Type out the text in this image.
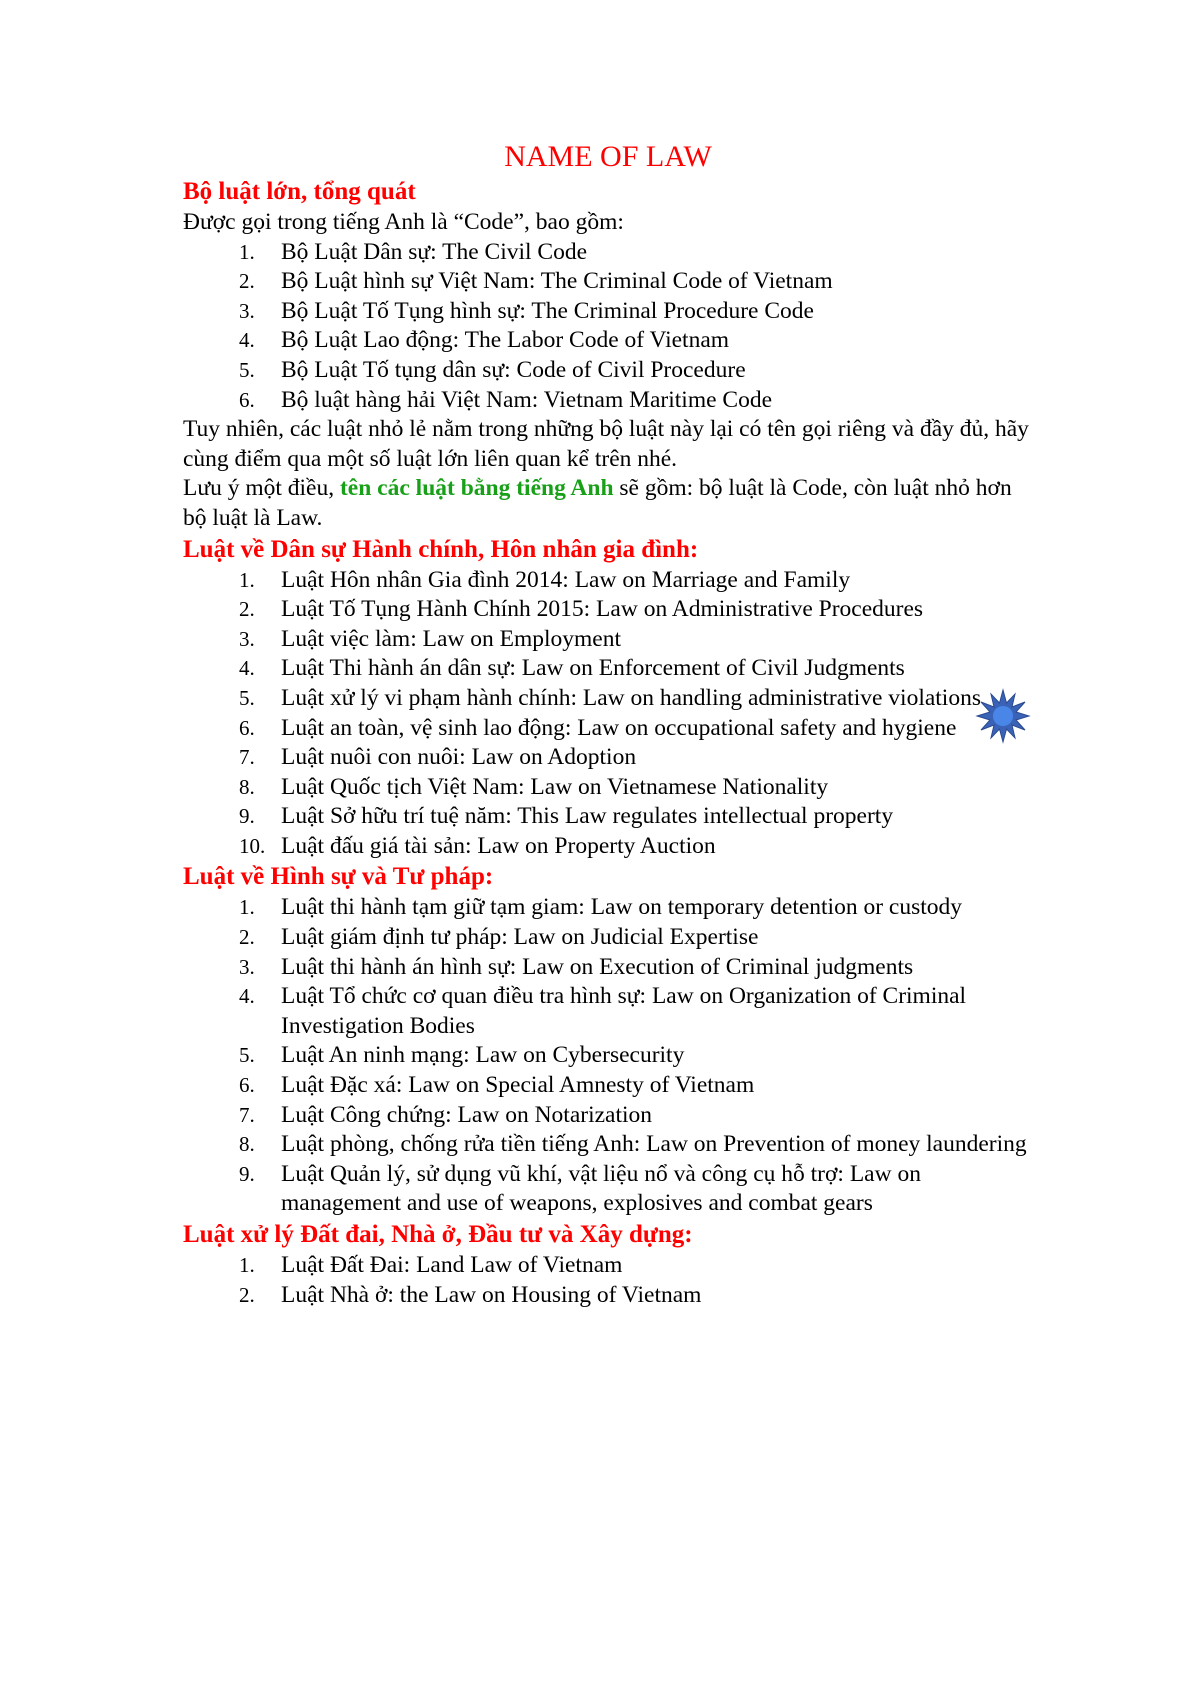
NAME OF LAW
Bộ luật lớn, tổng quát

Được gọi trong tiếng Anh là “Code”, bao gồm:

1.	Bộ Luật Dân sự: The Civil Code
2.	Bộ Luật hình sự Việt Nam: The Criminal Code of Vietnam
3.	Bộ Luật Tố Tụng hình sự: The Criminal Procedure Code
4.	Bộ Luật Lao động: The Labor Code of Vietnam
5.	Bộ Luật Tố tụng dân sự: Code of Civil Procedure
6.	Bộ luật hàng hải Việt Nam: Vietnam Maritime Code

Tuy nhiên, các luật nhỏ lẻ nằm trong những bộ luật này lại có tên gọi riêng và đầy đủ, hãy cùng điểm qua một số luật lớn liên quan kể trên nhé.

Lưu ý một điều, tên các luật bằng tiếng Anh sẽ gồm: bộ luật là Code, còn luật nhỏ hơn bộ luật là Law.

Luật về Dân sự Hành chính, Hôn nhân gia đình:
1.	Luật Hôn nhân Gia đình 2014: Law on Marriage and Family
2.	Luật Tố Tụng Hành Chính 2015: Law on Administrative Procedures
3.	Luật việc làm: Law on Employment
4.	Luật Thi hành án dân sự: Law on Enforcement of Civil Judgments
5.	Luật xử lý vi phạm hành chính: Law on handling administrative violations
6.	Luật an toàn, vệ sinh lao động: Law on occupational safety and hygiene
7.	Luật nuôi con nuôi: Law on Adoption
8.	Luật Quốc tịch Việt Nam: Law on Vietnamese Nationality
9.	Luật Sở hữu trí tuệ năm: This Law regulates intellectual property
10. Luật đấu giá tài sản: Law on Property Auction
Luật về Hình sự và Tư pháp:
1.	Luật thi hành tạm giữ tạm giam: Law on temporary detention or custody
2.	Luật giám định tư pháp: Law on Judicial Expertise
3.	Luật thi hành án hình sự: Law on Execution of Criminal judgments
4.	Luật Tổ chức cơ quan điều tra hình sự: Law on Organization of Criminal Investigation Bodies
5.	Luật An ninh mạng: Law on Cybersecurity
6.	Luật Đặc xá: Law on Special Amnesty of Vietnam
7.	Luật Công chứng: Law on Notarization
8.	Luật phòng, chống rửa tiền tiếng Anh: Law on Prevention of money laundering
9.	Luật Quản lý, sử dụng vũ khí, vật liệu nổ và công cụ hỗ trợ: Law on management and use of weapons, explosives and combat gears
Luật xử lý Đất đai, Nhà ở, Đầu tư và Xây dựng:
1.	Luật Đất Đai: Land Law of Vietnam
2.	Luật Nhà ở: the Law on Housing of Vietnam
